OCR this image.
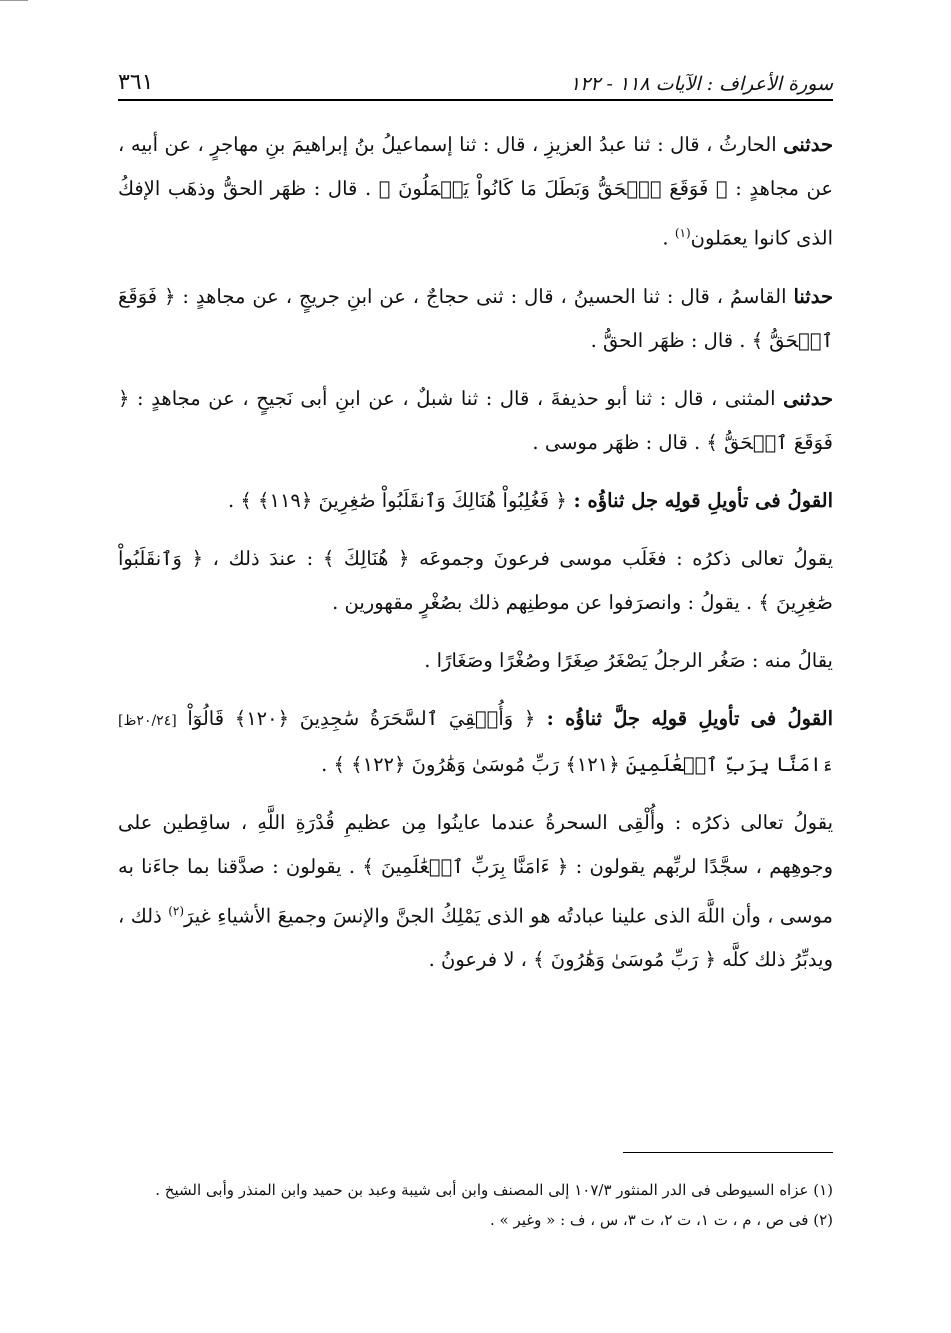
سورة الأعراف : الآيات ١١٨ - ١٢٢
٣٦١

حدثنى الحارثُ ، قال : ثنا عبدُ العزيزِ ، قال : ثنا إسماعيلُ بنُ إبراهيمَ بنِ مهاجرٍ ، عن أبيه ، عن مجاهدٍ : ﴿ فَوَقَعَ ٱلۡحَقُّ وَبَطَلَ مَا كَانُواْ يَعۡمَلُونَ ﴾ . قال : ظهَر الحقُّ وذهَب الإفكُ الذى كانوا يعمَلون$^{(١)}$ .

حدثنا القاسمُ ، قال : ثنا الحسينُ ، قال : ثنى حجاجٌ ، عن ابنِ جريجٍ ، عن مجاهدٍ : ﴿ فَوَقَعَ ٱلۡحَقُّ ﴾ . قال : ظهَر الحقُّ .

حدثنى المثنى ، قال : ثنا أبو حذيفةَ ، قال : ثنا شبلٌ ، عن ابنِ أبى نَجيحٍ ، عن مجاهدٍ : ﴿ فَوَقَعَ ٱلۡحَقُّ ﴾ . قال : ظهَر موسى .

القولُ فى تأويلِ قولِه جل ثناؤُه : ﴿ فَغُلِبُواْ هُنَالِكَ وَٱنقَلَبُواْ صَٰغِرِينَ ﴿١١٩﴾ ﴾ .

يقولُ تعالى ذكرُه : فغَلَب موسى فرعونَ وجموعَه ﴿ هُنَالِكَ ﴾ : عندَ ذلك ، ﴿ وَٱنقَلَبُواْ صَٰغِرِينَ ﴾ . يقولُ : وانصرَفوا عن موطنِهم ذلك بصُغْرٍ مقهورين .

يقالُ منه : صَغُر الرجلُ يَصْغَرُ صِغَرًا وصُغْرًا وصَغَارًا .

القولُ فى تأويلِ قولِه جلَّ ثناؤُه : ﴿ وَأُلۡقِيَ ٱلسَّحَرَةُ سَٰجِدِينَ ﴿١٢٠﴾ قَالُوٓاْ [٢٠/٢٤ظ] ءَامَنَّا بِرَبِّ ٱلۡعَٰلَمِينَ ﴿١٢١﴾ رَبِّ مُوسَىٰ وَهَٰرُونَ ﴿١٢٢﴾ ﴾ .

يقولُ تعالى ذكرُه : وأُلْقِى السحرةُ عندما عاينُوا مِن عظيمِ قُدْرَةِ اللَّهِ ، ساقِطين على وجوهِهم ، سجَّدًا لربِّهم يقولون : ﴿ ءَامَنَّا بِرَبِّ ٱلۡعَٰلَمِينَ ﴾ . يقولون : صدَّقنا بما جاءَنا به موسى ، وأن اللَّهَ الذى علينا عبادتُه هو الذى يَمْلِكُ الجنَّ والإنسَ وجميعَ الأشياءِ غيرَ$^{(٢)}$ ذلك ، ويدبِّرُ ذلك كلَّه ﴿ رَبِّ مُوسَىٰ وَهَٰرُونَ ﴾ ، لا فرعونُ .

(١) عزاه السيوطى فى الدر المنثور ١٠٧/٣ إلى المصنف وابن أبى شيبة وعبد بن حميد وابن المنذر وأبى الشيخ .

(٢) فى ص ، م ، ت ١، ت ٢، ت ٣، س ، ف : « وغير » .
